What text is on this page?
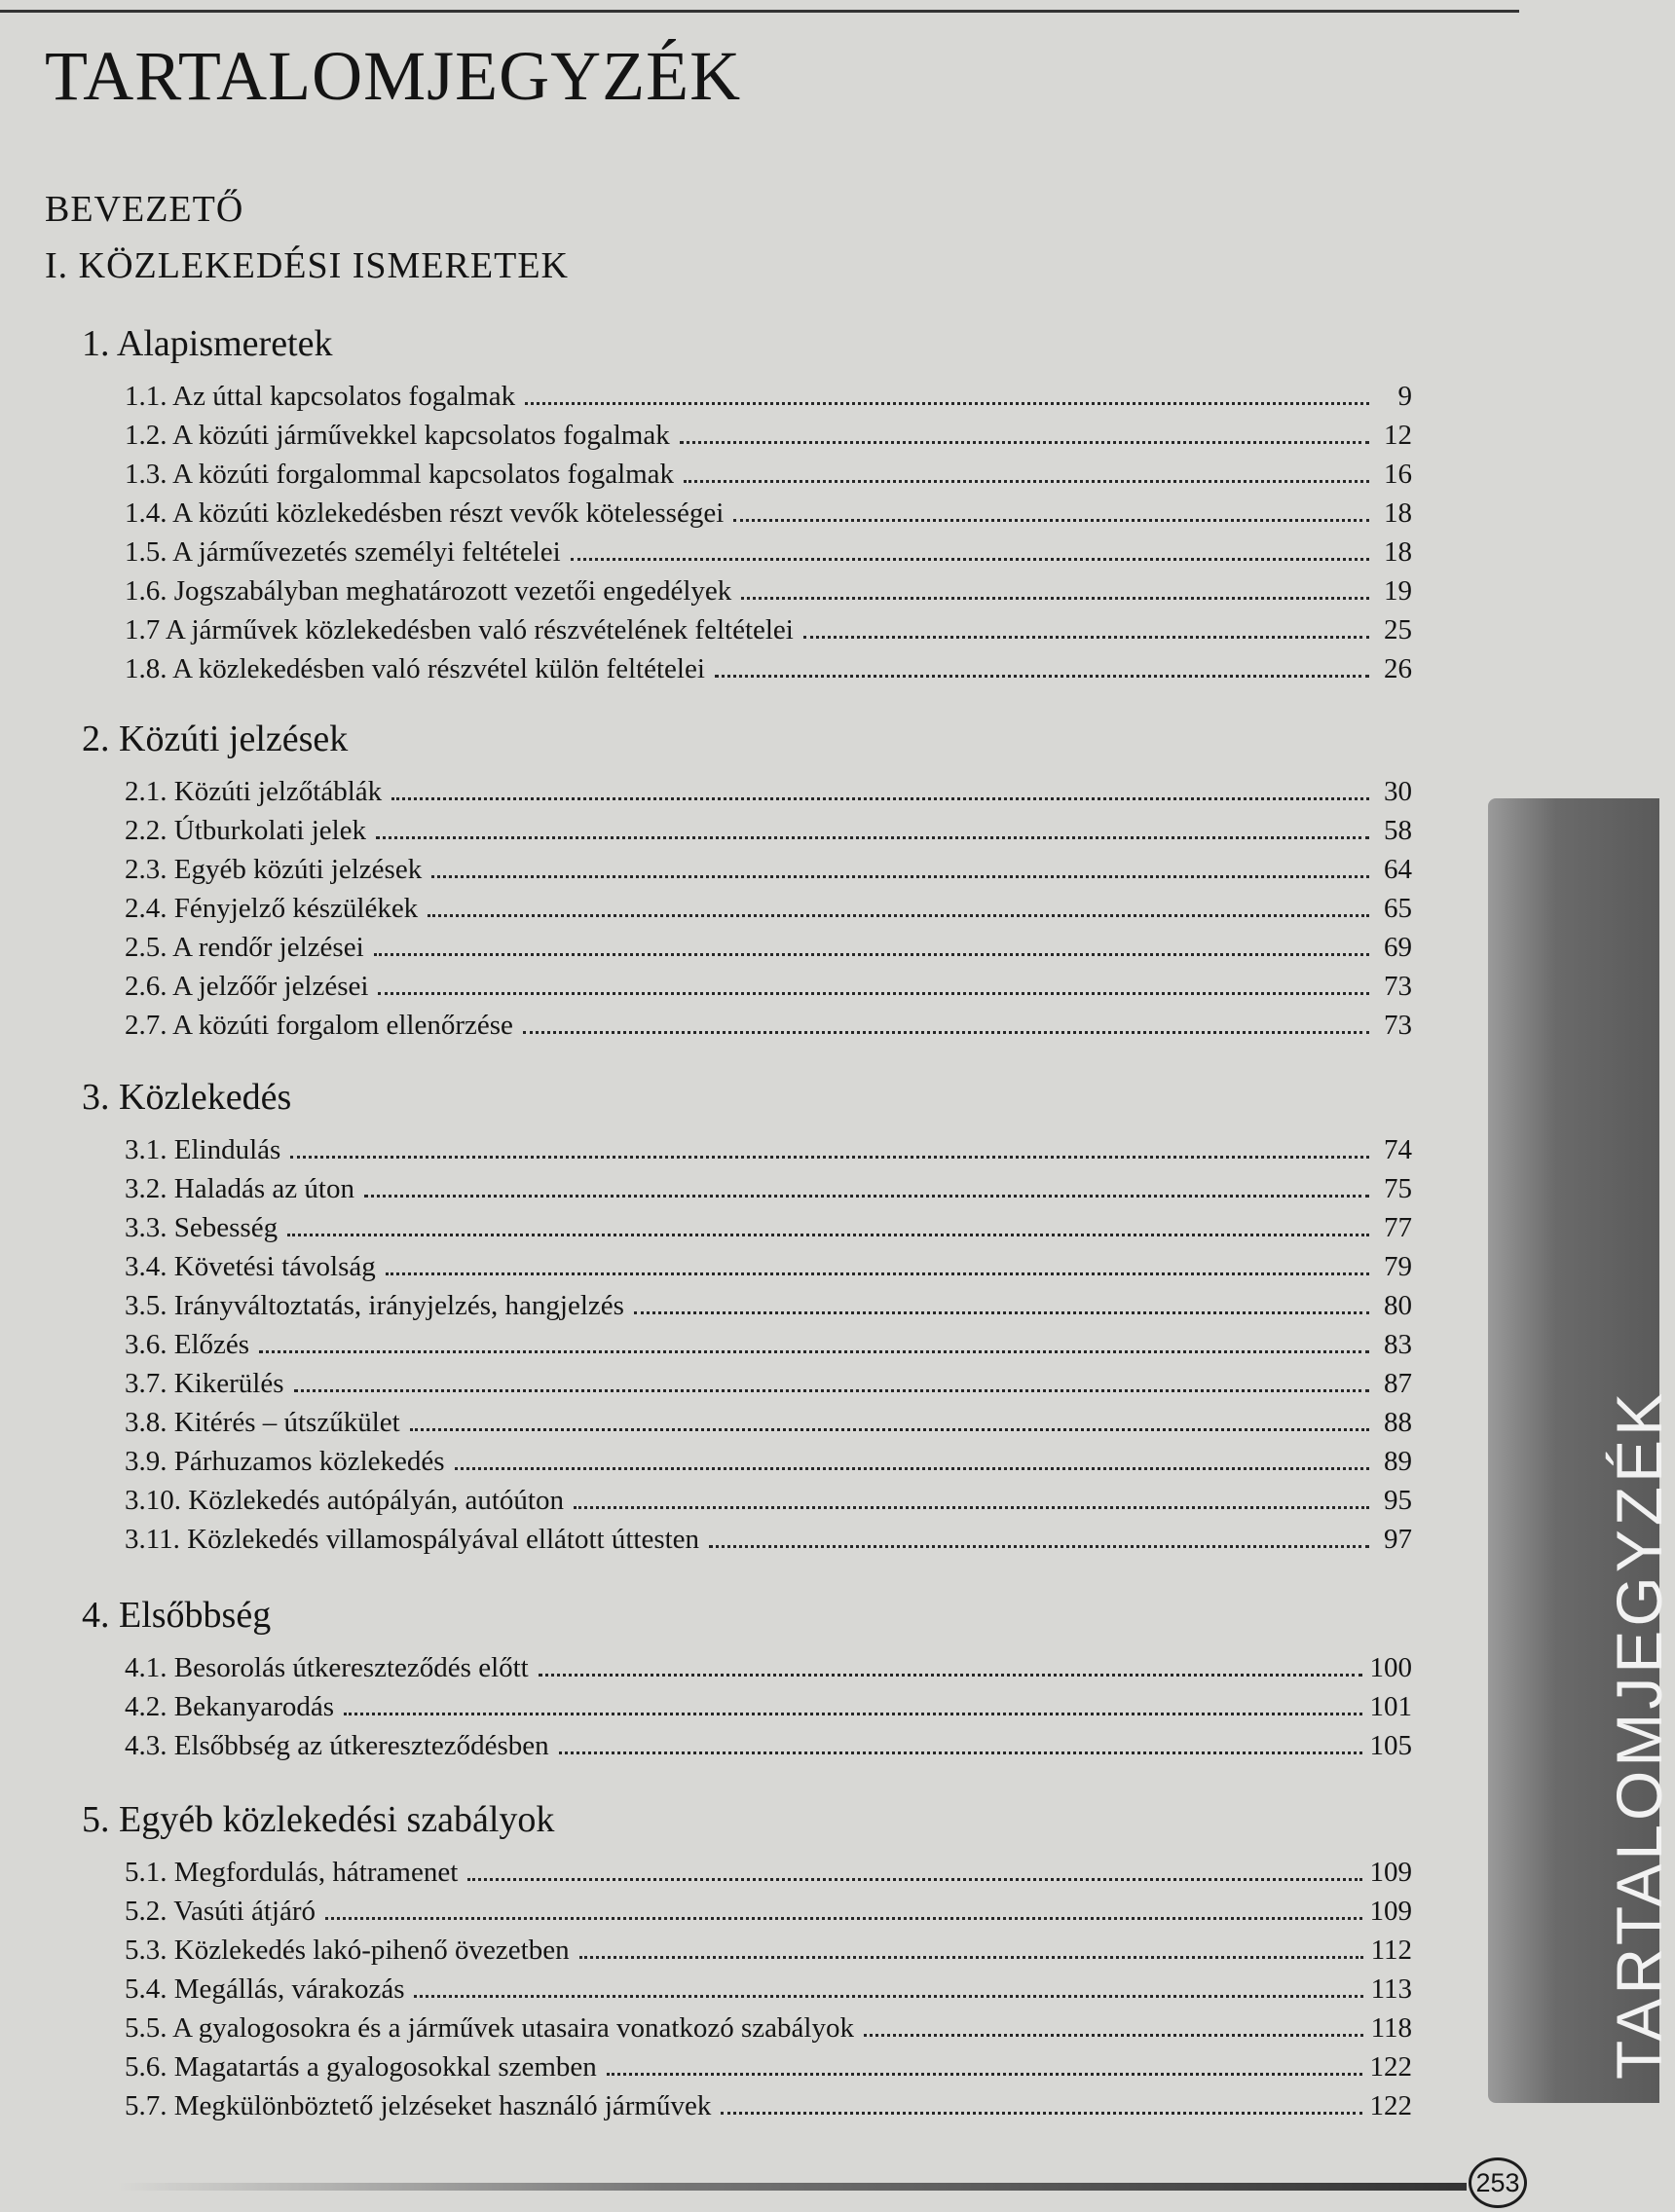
TARTALOMJEGYZÉK
BEVEZETŐ
I. KÖZLEKEDÉSI ISMERETEK
1. Alapismeretek
1.1. Az úttal kapcsolatos fogalmak	9
1.2. A közúti járművekkel kapcsolatos fogalmak	12
1.3. A közúti forgalommal kapcsolatos fogalmak	16
1.4. A közúti közlekedésben részt vevők kötelességei	18
1.5. A járművezetés személyi feltételei	18
1.6. Jogszabályban meghatározott vezetői engedélyek	19
1.7 A járművek közlekedésben való részvételének feltételei	25
1.8. A közlekedésben való részvétel külön feltételei	26
2. Közúti jelzések
2.1. Közúti jelzőtáblák	30
2.2. Útburkolati jelek	58
2.3. Egyéb közúti jelzések	64
2.4. Fényjelző készülékek	65
2.5. A rendőr jelzései	69
2.6. A jelzőőr jelzései	73
2.7. A közúti forgalom ellenőrzése	73
3. Közlekedés
3.1. Elindulás	74
3.2. Haladás az úton	75
3.3. Sebesség	77
3.4. Követési távolság	79
3.5. Irányváltoztatás, irányjelzés, hangjelzés	80
3.6. Előzés	83
3.7. Kikerülés	87
3.8. Kitérés – útszűkület	88
3.9. Párhuzamos közlekedés	89
3.10. Közlekedés autópályán, autóúton	95
3.11. Közlekedés villamospályával ellátott úttesten	97
4. Elsőbbség
4.1. Besorolás útkereszteződés előtt	100
4.2. Bekanyarodás	101
4.3. Elsőbbség az útkereszteződésben	105
5. Egyéb közlekedési szabályok
5.1. Megfordulás, hátramenet	109
5.2. Vasúti átjáró	109
5.3. Közlekedés lakó-pihenő övezetben	112
5.4. Megállás, várakozás	113
5.5. A gyalogosokra és a járművek utasaira vonatkozó szabályok	118
5.6. Magatartás a gyalogosokkal szemben	122
5.7. Megkülönböztető jelzéseket használó járművek	122
TARTALOMJEGYZÉK
253
